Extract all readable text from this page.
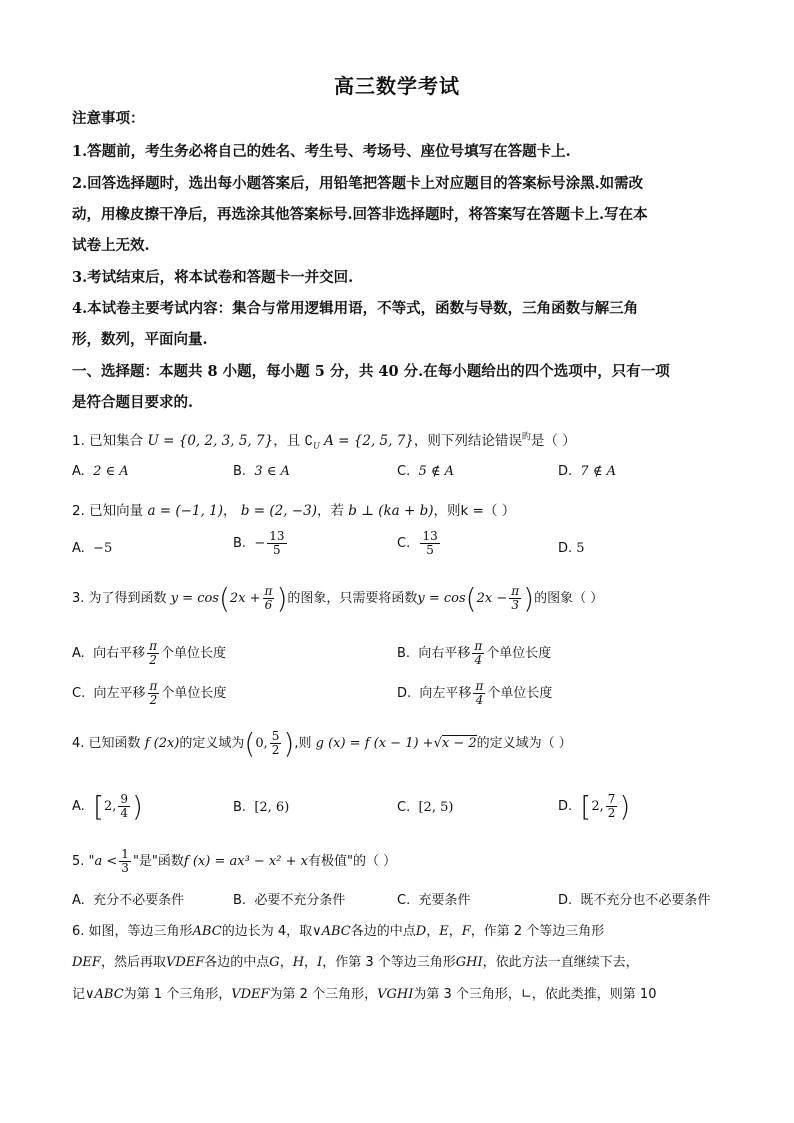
高三数学考试
注意事项：
1.答题前，考生务必将自己的姓名、考生号、考场号、座位号填写在答题卡上.
2.回答选择题时，选出每小题答案后，用铅笔把答题卡上对应题目的答案标号涂黑.如需改
动，用橡皮擦干净后，再选涂其他答案标号.回答非选择题时，将答案写在答题卡上.写在本
试卷上无效.
3.考试结束后，将本试卷和答题卡一并交回.
4.本试卷主要考试内容：集合与常用逻辑用语，不等式，函数与导数，三角函数与解三角
形，数列，平面向量.
一、选择题：本题共 8 小题，每小题 5 分，共 40 分.在每小题给出的四个选项中，只有一项
是符合题目要求的.
1. 已知集合 U = {0, 2, 3, 5, 7}，且 $∁_U$ A = {2, 5, 7}，则下列结论错误$^旳$是（ ）
A. 2 ∈ A	B. 3 ∈ A	C. 5 ∉ A	D. 7 ∉ A
2. 已知向量 a = (−1, 1)， b = (2, −3)，若 b ⊥ (ka + b)，则k =（ ）
A. −5	B. − $\frac{13}{5}$	C. $\frac{13}{5}$	D. 5
3. 为了得到函数 $y = \cos(2x + \frac{\pi}{6}$ )的图象，只需要将函数$y = \cos(2x - \frac{\pi}{3}$ )的图象（ ）
A. 向右平移 $\frac{\pi}{2}$ 个单位长度	B. 向右平移 $\frac{\pi}{4}$ 个单位长度
C. 向左平移 $\frac{\pi}{2}$ 个单位长度	D. 向左平移 $\frac{\pi}{4}$ 个单位长度
4. 已知函数 f (2x)的定义域为(0, $\frac{5}{2}$ ),则 g (x) = f (x − 1) +√x − 2的定义域为（ ）
A. [2, $\frac{9}{4}$ )	B. [2, 6)	C. [2, 5)	D. [2, $\frac{7}{2}$ )
5. "$a < \frac{1}{3}$ "是"函数f (x) = ax³ − x² + x有极值"的（ ）
A. 充分不必要条件	B. 必要不充分条件	C. 充要条件	D. 既不充分也不必要条件
6. 如图，等边三角形ABC的边长为 4，取∨ABC各边的中点D，E，F，作第 2 个等边三角形
DEF，然后再取VDEF各边的中点G，H，I，作第 3 个等边三角形GHI，依此方法一直继续下去，
记∨ABC为第 1 个三角形，VDEF为第 2 个三角形，VGHI为第 3 个三角形，∟，依此类推，则第 10
